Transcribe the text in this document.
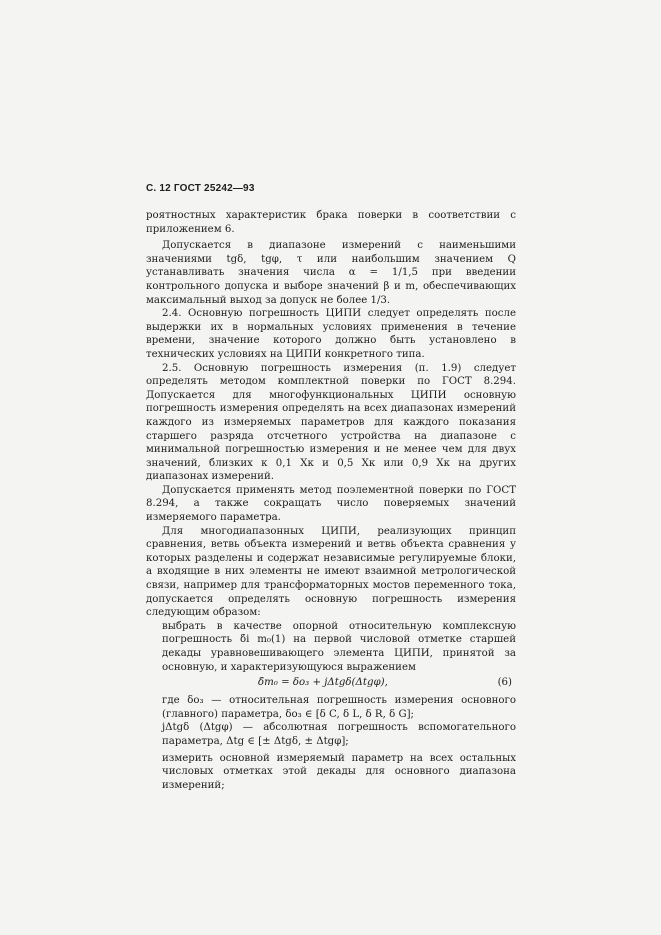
С. 12 ГОСТ 25242—93

роятностных характеристик брака поверки в соответствии с приложением 6.

Допускается в диапазоне измерений с наименьшими значениями tgδ, tgφ, τ или наибольшим значением Q устанавливать значения числа α = 1/1,5 при введении контрольного допуска и выборе значений β и m, обеспечивающих максимальный выход за допуск не более 1/3.

2.4. Основную погрешность ЦИПИ следует определять после выдержки их в нормальных условиях применения в течение времени, значение которого должно быть установлено в технических условиях на ЦИПИ конкретного типа.

2.5. Основную погрешность измерения (п. 1.9) следует определять методом комплектной поверки по ГОСТ 8.294. Допускается для многофункциональных ЦИПИ основную погрешность измерения определять на всех диапазонах измерений каждого из измеряемых параметров для каждого показания старшего разряда отсчетного устройства на диапазоне с минимальной погрешностью измерения и не менее чем для двух значений, близких к 0,1 Xк и 0,5 Xк или 0,9 Xк на других диапазонах измерений.

Допускается применять метод поэлементной поверки по ГОСТ 8.294, а также сокращать число поверяемых значений измеряемого параметра.

Для многодиапазонных ЦИПИ, реализующих принцип сравнения, ветвь объекта измерений и ветвь объекта сравнения у которых разделены и содержат независимые регулируемые блоки, а входящие в них элементы не имеют взаимной метрологической связи, например для трансформаторных мостов переменного тока, допускается определять основную погрешность измерения следующим образом:

выбрать в качестве опорной относительную комплексную погрешность δ̇i m₀(1) на первой числовой отметке старшей декады уравновешивающего элемента ЦИПИ, принятой за основную, и характеризующуюся выражением

δ̇m₀ = δo₃ + jΔtgδ(Δtgφ),	(6)

где δo₃ — относительная погрешность измерения основного (главного) параметра, δo₃ ∈ [δ C, δ L, δ R, δ G];

jΔtgδ (Δtgφ) — абсолютная погрешность вспомогательного параметра, Δtg ∈ [± Δtgδ, ± Δtgφ];

измерить основной измеряемый параметр на всех остальных числовых отметках этой декады для основного диапазона измерений;
